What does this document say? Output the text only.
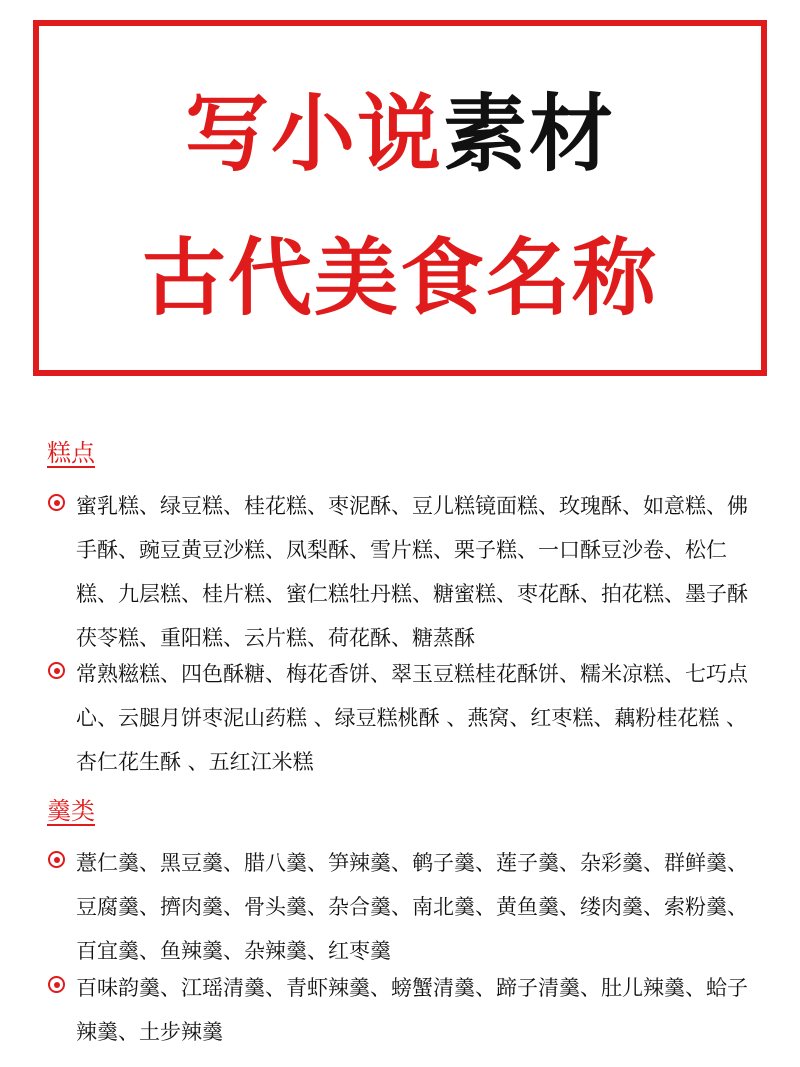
写小说素材
古代美食名称
糕点
蜜乳糕、绿豆糕、桂花糕、枣泥酥、豆儿糕镜面糕、玫瑰酥、如意糕、佛手酥、豌豆黄豆沙糕、凤梨酥、雪片糕、栗子糕、一口酥豆沙卷、松仁糕、九层糕、桂片糕、蜜仁糕牡丹糕、糖蜜糕、枣花酥、拍花糕、墨子酥茯苓糕、重阳糕、云片糕、荷花酥、糖蒸酥
常熟糍糕、四色酥糖、梅花香饼、翠玉豆糕桂花酥饼、糯米凉糕、七巧点心、云腿月饼枣泥山药糕 、绿豆糕桃酥 、燕窝、红枣糕、藕粉桂花糕 、杏仁花生酥 、五红江米糕
羹类
薏仁羹、黑豆羹、腊八羹、笋辣羹、鹌子羹、莲子羹、杂彩羹、群鲜羹、豆腐羹、擠肉羹、骨头羹、杂合羹、南北羹、黄鱼羹、缕肉羹、索粉羹、百宜羹、鱼辣羹、杂辣羹、红枣羹
百味韵羹、江瑶清羹、青虾辣羹、螃蟹清羹、蹄子清羹、肚儿辣羹、蛤子辣羹、土步辣羹
